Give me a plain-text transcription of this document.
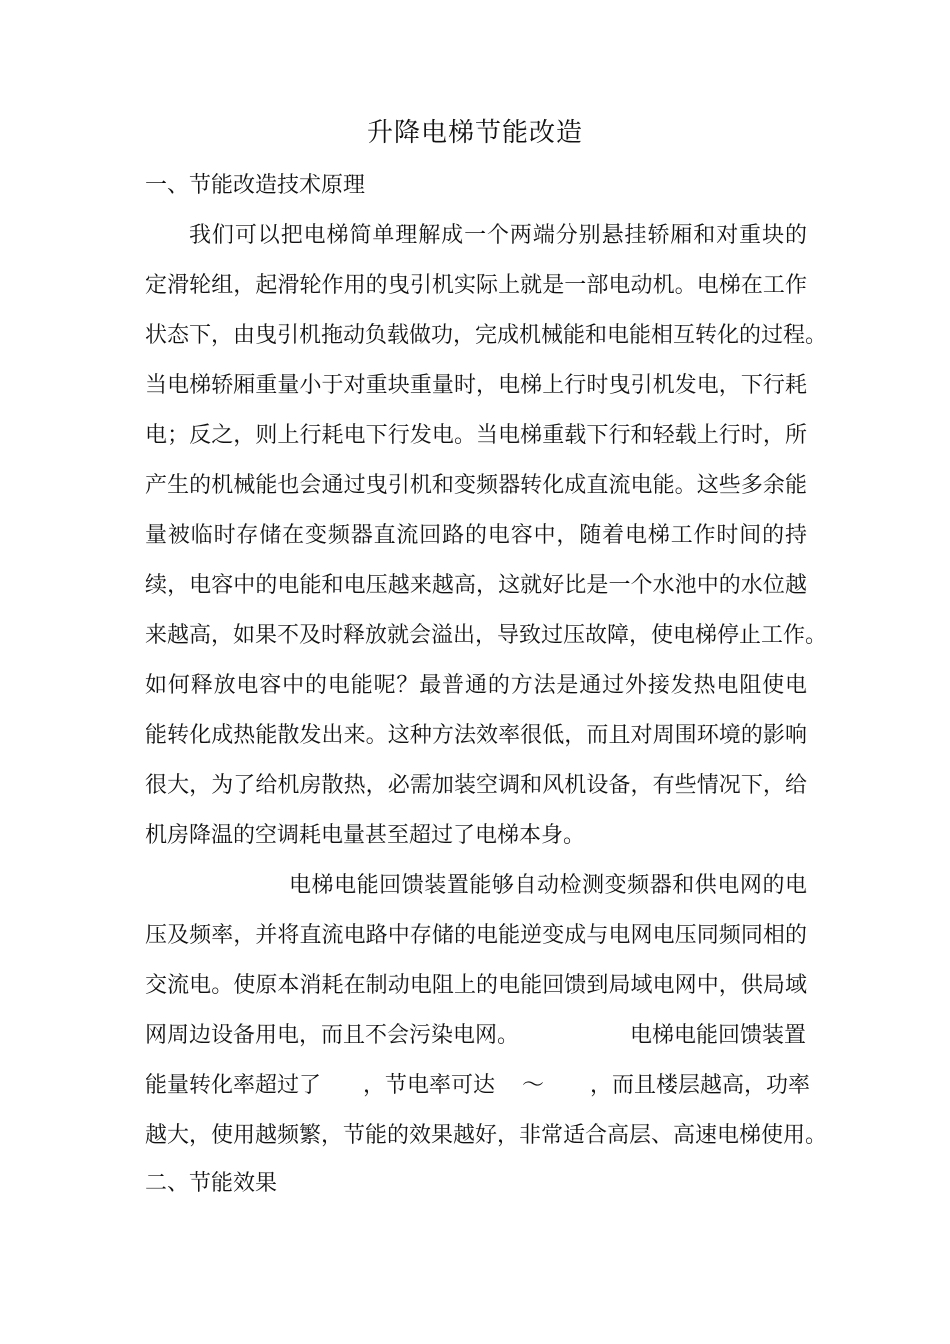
升降电梯节能改造
一、节能改造技术原理
我们可以把电梯简单理解成一个两端分别悬挂轿厢和对重块的
定滑轮组，起滑轮作用的曳引机实际上就是一部电动机。电梯在工作
状态下，由曳引机拖动负载做功，完成机械能和电能相互转化的过程。
当电梯轿厢重量小于对重块重量时，电梯上行时曳引机发电，下行耗
电；反之，则上行耗电下行发电。当电梯重载下行和轻载上行时，所
产生的机械能也会通过曳引机和变频器转化成直流电能。这些多余能
量被临时存储在变频器直流回路的电容中，随着电梯工作时间的持
续，电容中的电能和电压越来越高，这就好比是一个水池中的水位越
来越高，如果不及时释放就会溢出，导致过压故障，使电梯停止工作。
如何释放电容中的电能呢？最普通的方法是通过外接发热电阻使电
能转化成热能散发出来。这种方法效率很低，而且对周围环境的影响
很大，为了给机房散热，必需加装空调和风机设备，有些情况下，给
机房降温的空调耗电量甚至超过了电梯本身。
电梯电能回馈装置能够自动检测变频器和供电网的电
压及频率，并将直流电路中存储的电能逆变成与电网电压同频同相的
交流电。使原本消耗在制动电阻上的电能回馈到局域电网中，供局域
网周边设备用电，而且不会污染电网。	电梯电能回馈装置
能量转化率超过了 ，节电率可达 ～ ，而且楼层越高，功率
越大，使用越频繁，节能的效果越好，非常适合高层、高速电梯使用。
二、节能效果
